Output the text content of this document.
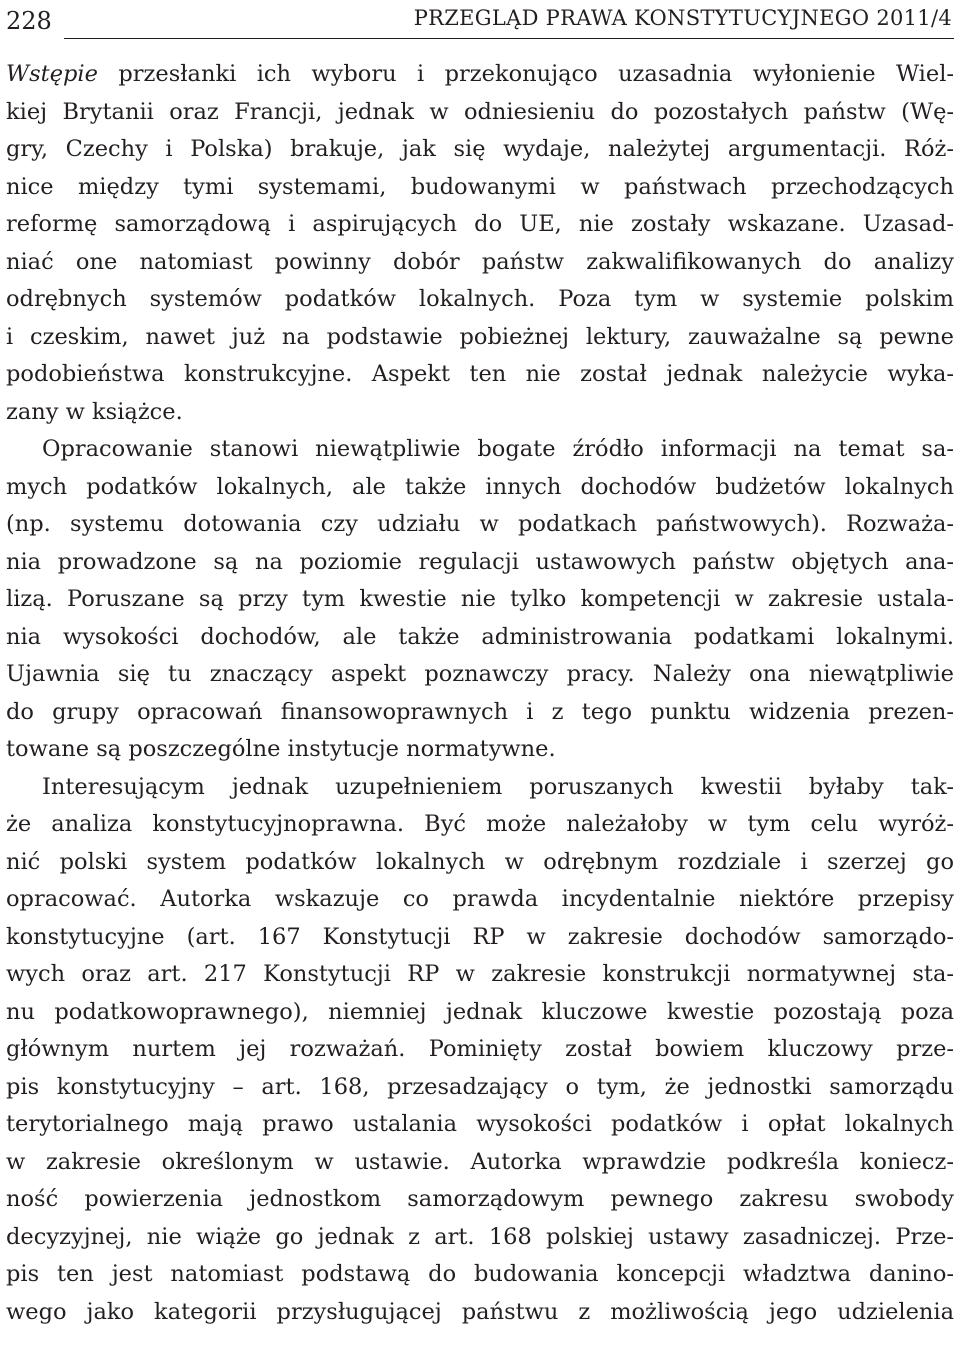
228	PRZEGLĄD PRAWA KONSTYTUCYJNEGO 2011/4
Wstępie przesłanki ich wyboru i przekonująco uzasadnia wyłonienie Wiel-
kiej Brytanii oraz Francji, jednak w odniesieniu do pozostałych państw (Wę-
gry, Czechy i Polska) brakuje, jak się wydaje, należytej argumentacji. Róż-
nice między tymi systemami, budowanymi w państwach przechodzących
reformę samorządową i aspirujących do UE, nie zostały wskazane. Uzasad-
niać one natomiast powinny dobór państw zakwalifikowanych do analizy
odrębnych systemów podatków lokalnych. Poza tym w systemie polskim
i czeskim, nawet już na podstawie pobieżnej lektury, zauważalne są pewne
podobieństwa konstrukcyjne. Aspekt ten nie został jednak należycie wyka-
zany w książce.
Opracowanie stanowi niewątpliwie bogate źródło informacji na temat sa-
mych podatków lokalnych, ale także innych dochodów budżetów lokalnych
(np. systemu dotowania czy udziału w podatkach państwowych). Rozważa-
nia prowadzone są na poziomie regulacji ustawowych państw objętych ana-
lizą. Poruszane są przy tym kwestie nie tylko kompetencji w zakresie ustala-
nia wysokości dochodów, ale także administrowania podatkami lokalnymi.
Ujawnia się tu znaczący aspekt poznawczy pracy. Należy ona niewątpliwie
do grupy opracowań finansowoprawnych i z tego punktu widzenia prezen-
towane są poszczególne instytucje normatywne.
Interesującym jednak uzupełnieniem poruszanych kwestii byłaby tak-
że analiza konstytucyjnoprawna. Być może należałoby w tym celu wyróż-
nić polski system podatków lokalnych w odrębnym rozdziale i szerzej go
opracować. Autorka wskazuje co prawda incydentalnie niektóre przepisy
konstytucyjne (art. 167 Konstytucji RP w zakresie dochodów samorządo-
wych oraz art. 217 Konstytucji RP w zakresie konstrukcji normatywnej sta-
nu podatkowoprawnego), niemniej jednak kluczowe kwestie pozostają poza
głównym nurtem jej rozważań. Pominięty został bowiem kluczowy prze-
pis konstytucyjny – art. 168, przesadzający o tym, że jednostki samorządu
terytorialnego mają prawo ustalania wysokości podatków i opłat lokalnych
w zakresie określonym w ustawie. Autorka wprawdzie podkreśla koniecz-
ność powierzenia jednostkom samorządowym pewnego zakresu swobody
decyzyjnej, nie wiąże go jednak z art. 168 polskiej ustawy zasadniczej. Prze-
pis ten jest natomiast podstawą do budowania koncepcji władztwa danino-
wego jako kategorii przysługującej państwu z możliwością jego udzielenia
